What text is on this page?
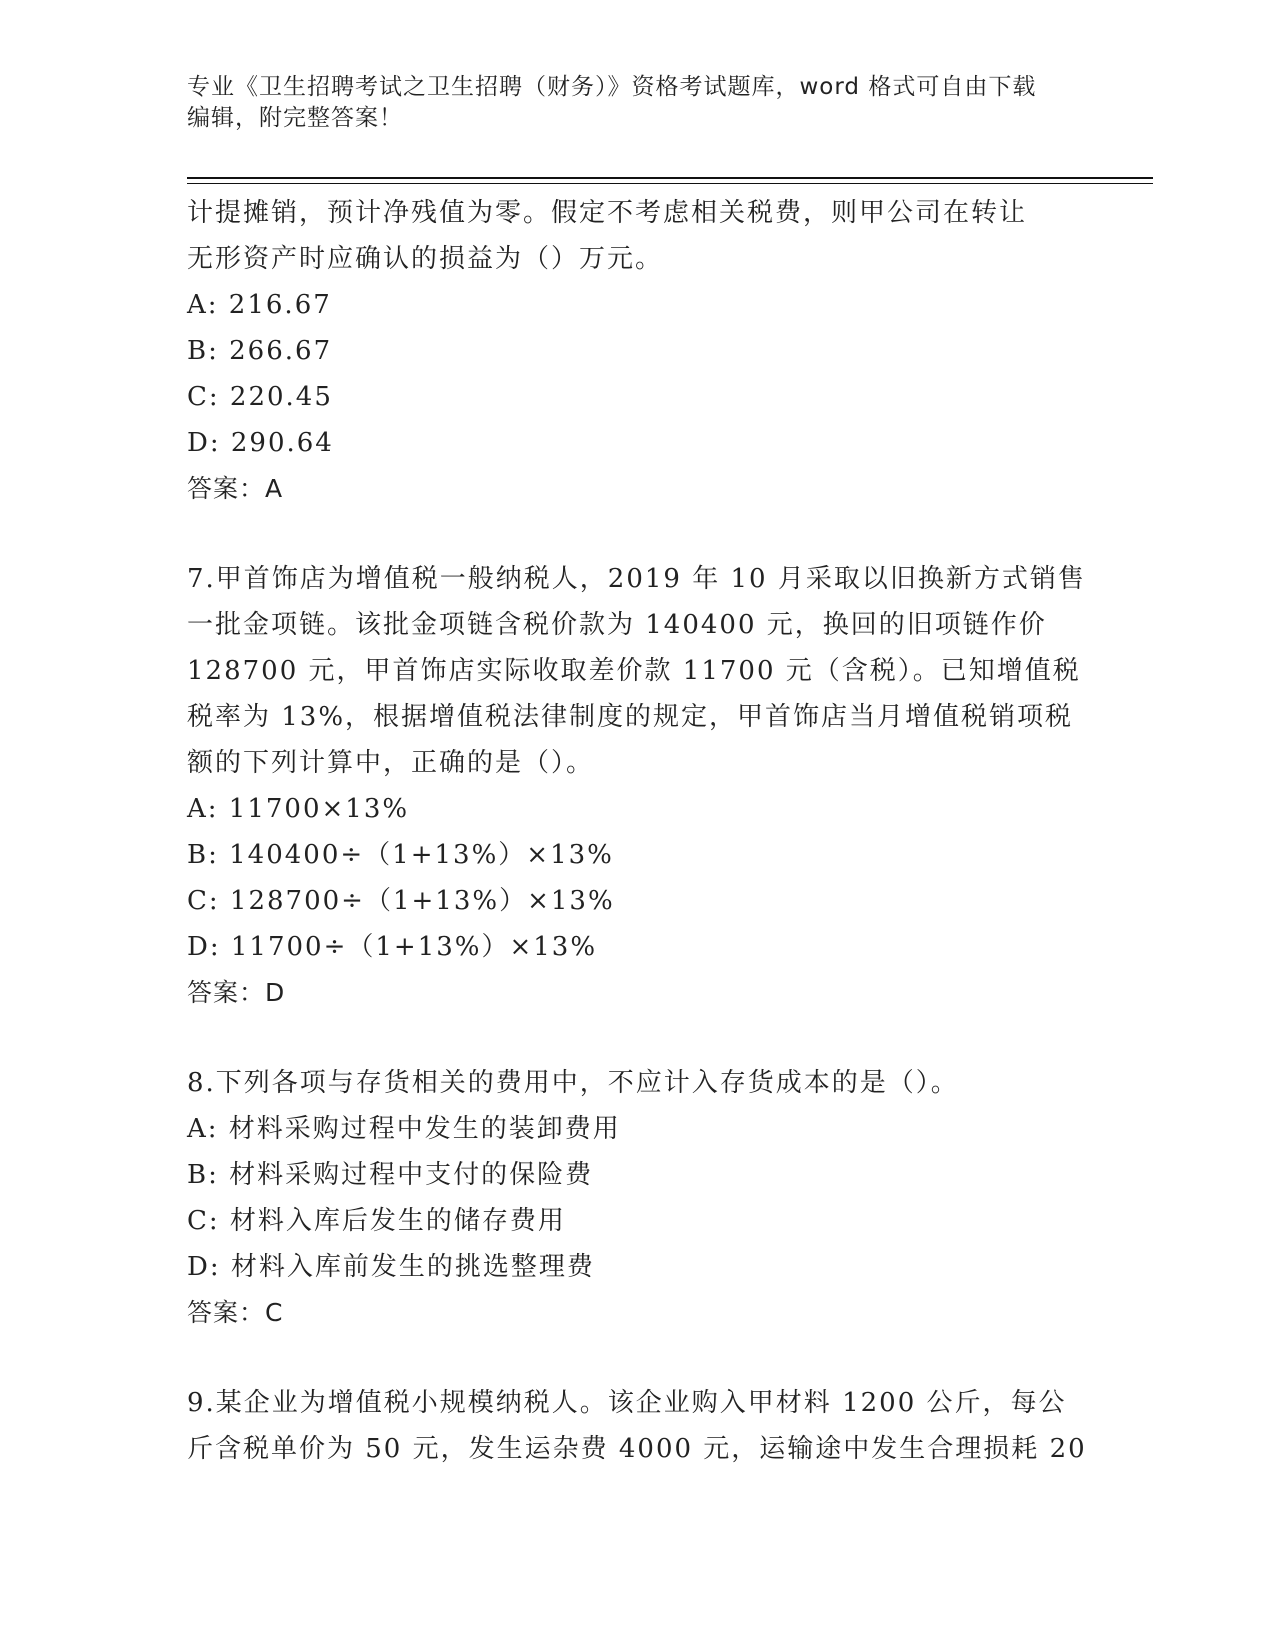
专业《卫生招聘考试之卫生招聘（财务）》资格考试题库，word 格式可自由下载
编辑，附完整答案！
计提摊销，预计净残值为零。假定不考虑相关税费，则甲公司在转让
无形资产时应确认的损益为（）万元。
A: 216.67
B: 266.67
C: 220.45
D: 290.64
答案：A
7.甲首饰店为增值税一般纳税人，2019 年 10 月采取以旧换新方式销售
一批金项链。该批金项链含税价款为 140400 元，换回的旧项链作价
128700 元，甲首饰店实际收取差价款 11700 元（含税）。已知增值税
税率为 13%，根据增值税法律制度的规定，甲首饰店当月增值税销项税
额的下列计算中，正确的是（）。
A: 11700×13%
B: 140400÷（1+13%）×13%
C: 128700÷（1+13%）×13%
D: 11700÷（1+13%）×13%
答案：D
8.下列各项与存货相关的费用中，不应计入存货成本的是（）。
A: 材料采购过程中发生的装卸费用
B: 材料采购过程中支付的保险费
C: 材料入库后发生的储存费用
D: 材料入库前发生的挑选整理费
答案：C
9.某企业为增值税小规模纳税人。该企业购入甲材料 1200 公斤，每公
斤含税单价为 50 元，发生运杂费 4000 元，运输途中发生合理损耗 20
